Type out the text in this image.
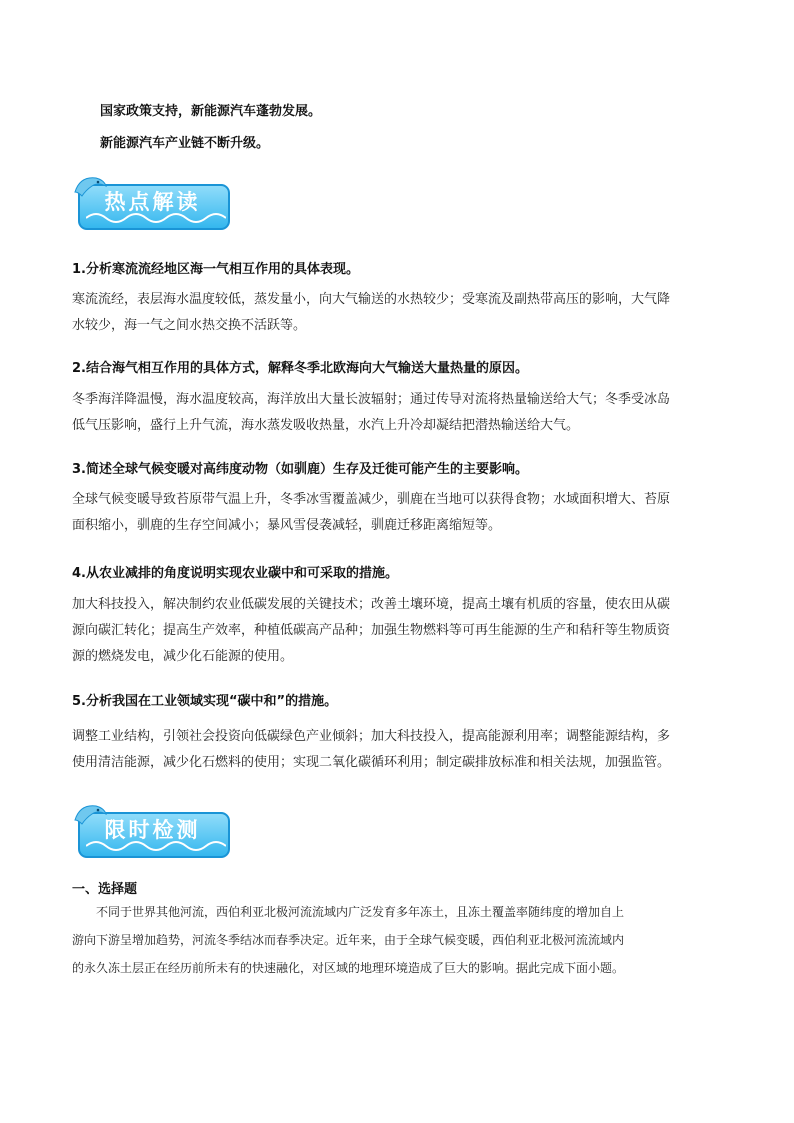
国家政策支持，新能源汽车蓬勃发展。
新能源汽车产业链不断升级。
热点解读
1.分析寒流流经地区海一气相互作用的具体表现。
寒流流经，表层海水温度较低，蒸发量小，向大气输送的水热较少；受寒流及副热带高压的影响，大气降
水较少，海一气之间水热交换不活跃等。
2.结合海气相互作用的具体方式，解释冬季北欧海向大气输送大量热量的原因。
冬季海洋降温慢，海水温度较高，海洋放出大量长波辐射；通过传导对流将热量输送给大气；冬季受冰岛
低气压影响，盛行上升气流，海水蒸发吸收热量，水汽上升冷却凝结把潜热输送给大气。
3.简述全球气候变暖对高纬度动物（如驯鹿）生存及迁徙可能产生的主要影响。
全球气候变暖导致苔原带气温上升，冬季冰雪覆盖减少，驯鹿在当地可以获得食物；水域面积增大、苔原
面积缩小，驯鹿的生存空间减小；暴风雪侵袭减轻，驯鹿迁移距离缩短等。
4.从农业减排的角度说明实现农业碳中和可采取的措施。
加大科技投入，解决制约农业低碳发展的关键技术；改善土壤环境，提高土壤有机质的容量，使农田从碳
源向碳汇转化；提高生产效率，种植低碳高产品种；加强生物燃料等可再生能源的生产和秸秆等生物质资
源的燃烧发电，减少化石能源的使用。
5.分析我国在工业领域实现“碳中和”的措施。
调整工业结构，引领社会投资向低碳绿色产业倾斜；加大科技投入，提高能源利用率；调整能源结构，多
使用清洁能源，减少化石燃料的使用；实现二氧化碳循环利用；制定碳排放标准和相关法规，加强监管。
限时检测
一、选择题
不同于世界其他河流，西伯利亚北极河流流域内广泛发育多年冻土，且冻土覆盖率随纬度的增加自上
游向下游呈增加趋势，河流冬季结冰而春季决定。近年来，由于全球气候变暖，西伯利亚北极河流流域内
的永久冻土层正在经历前所未有的快速融化，对区域的地理环境造成了巨大的影响。据此完成下面小题。
